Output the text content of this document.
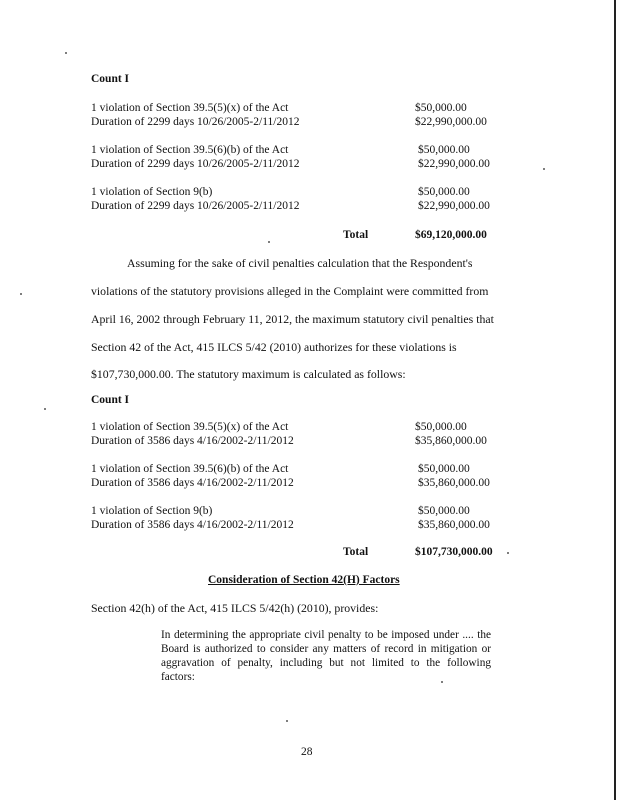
Count I
1 violation of Section 39.5(5)(x) of the Act	$50,000.00
Duration of 2299 days 10/26/2005-2/11/2012	$22,990,000.00
1 violation of Section 39.5(6)(b) of the Act	$50,000.00
Duration of 2299 days 10/26/2005-2/11/2012	$22,990,000.00
1 violation of Section 9(b)	$50,000.00
Duration of 2299 days 10/26/2005-2/11/2012	$22,990,000.00
Total	$69,120,000.00
Assuming for the sake of civil penalties calculation that the Respondent's
violations of the statutory provisions alleged in the Complaint were committed from
April 16, 2002 through February 11, 2012, the maximum statutory civil penalties that
Section 42 of the Act, 415 ILCS 5/42 (2010) authorizes for these violations is
$107,730,000.00. The statutory maximum is calculated as follows:
Count I
1 violation of Section 39.5(5)(x) of the Act	$50,000.00
Duration of 3586 days 4/16/2002-2/11/2012	$35,860,000.00
1 violation of Section 39.5(6)(b) of the Act	$50,000.00
Duration of 3586 days 4/16/2002-2/11/2012	$35,860,000.00
1 violation of Section 9(b)	$50,000.00
Duration of 3586 days 4/16/2002-2/11/2012	$35,860,000.00
Total	$107,730,000.00
Consideration of Section 42(H) Factors
Section 42(h) of the Act, 415 ILCS 5/42(h) (2010), provides:
In determining the appropriate civil penalty to be imposed under .... the Board is authorized to consider any matters of record in mitigation or aggravation of penalty, including but not limited to the following factors:
28
